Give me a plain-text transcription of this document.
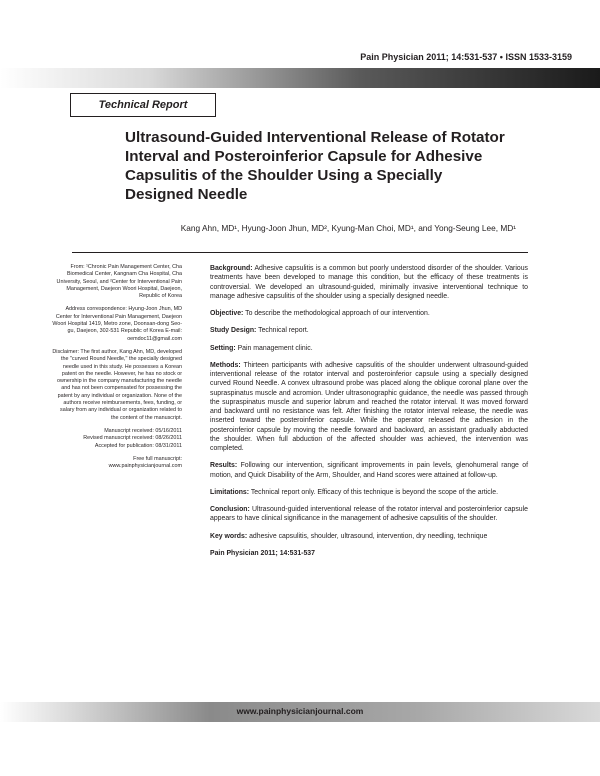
Pain Physician 2011; 14:531-537 • ISSN 1533-3159
Technical Report
Ultrasound-Guided Interventional Release of Rotator Interval and Posteroinferior Capsule for Adhesive Capsulitis of the Shoulder Using a Specially Designed Needle
Kang Ahn, MD¹, Hyung-Joon Jhun, MD², Kyung-Man Choi, MD¹, and Yong-Seung Lee, MD¹

From: ¹Chronic Pain Management Center, Cha Biomedical Center, Kangnam Cha Hospital, Cha University, Seoul, and ²Center for Interventional Pain Management, Daejeon Woori Hospital, Daejeon, Republic of Korea

Address correspondence: Hyung-Joon Jhun, MD Center for Interventional Pain Management, Daejeon Woori Hospital 1419, Metro zone, Doonsan-dong Seo-gu, Daejeon, 302-531 Republic of Korea E-mail: oemdoc11@gmail.com

Disclaimer: The first author, Kang Ahn, MD, developed the "curved Round Needle," the specially designed needle used in this study. He possesses a Korean patent on the needle. However, he has no stock or ownership in the company manufacturing the needle and has not been compensated for possessing the patent by any individual or organization. None of the authors receive reimbursements, fees, funding, or salary from any individual or organization related to the content of the manuscript.

Manuscript received: 05/16/2011
Revised manuscript received: 08/26/2011
Accepted for publication: 08/31/2011

Free full manuscript:
www.painphysicianjournal.com

Background: Adhesive capsulitis is a common but poorly understood disorder of the shoulder. Various treatments have been developed to manage this condition, but the efficacy of these treatments is controversial. We developed an ultrasound-guided, minimally invasive interventional technique to manage adhesive capsulitis of the shoulder using a specially designed needle.

Objective: To describe the methodological approach of our intervention.

Study Design: Technical report.

Setting: Pain management clinic.

Methods: Thirteen participants with adhesive capsulitis of the shoulder underwent ultrasound-guided interventional release of the rotator interval and posteroinferior capsule using a specially designed curved Round Needle. A convex ultrasound probe was placed along the oblique coronal plane over the supraspinatus muscle and acromion. Under ultrasonographic guidance, the needle was passed through the supraspinatus muscle and superior labrum and reached the rotator interval. It was moved forward and backward until no resistance was felt. After finishing the rotator interval release, the needle was inserted toward the posteroinferior capsule. While the operator released the adhesion in the posteroinferior capsule by moving the needle forward and backward, an assistant gradually abducted the shoulder. When full abduction of the affected shoulder was achieved, the intervention was completed.

Results: Following our intervention, significant improvements in pain levels, glenohumeral range of motion, and Quick Disability of the Arm, Shoulder, and Hand scores were attained at follow-up.

Limitations: Technical report only. Efficacy of this technique is beyond the scope of the article.

Conclusion: Ultrasound-guided interventional release of the rotator interval and posteroinferior capsule appears to have clinical significance in the management of adhesive capsulitis of the shoulder.

Key words: adhesive capsulitis, shoulder, ultrasound, intervention, dry needling, technique

Pain Physician 2011; 14:531-537

www.painphysicianjournal.com
